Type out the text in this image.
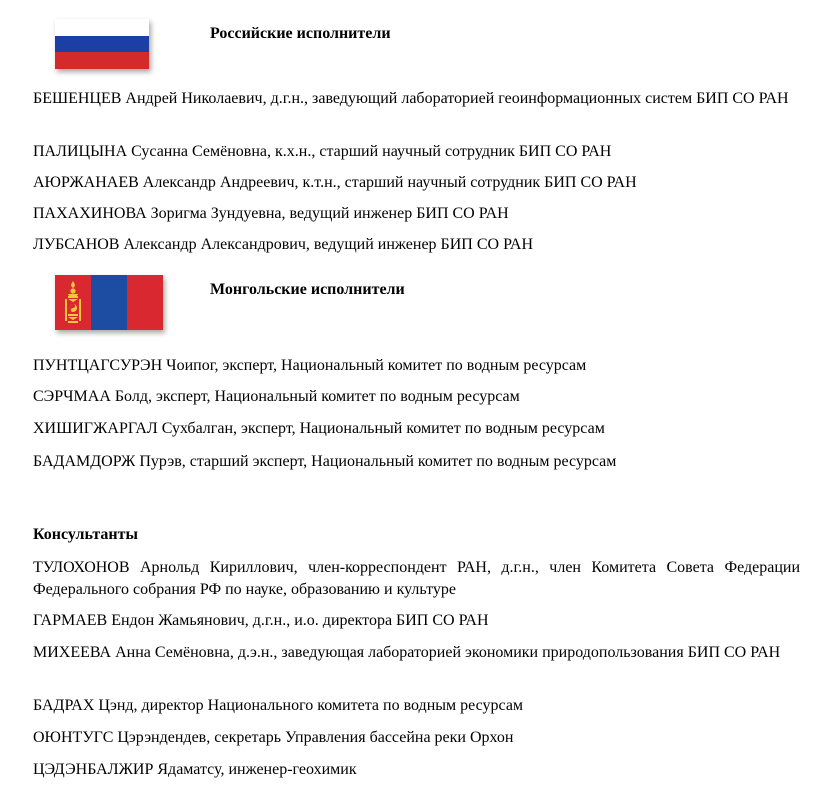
Российские исполнители

БЕШЕНЦЕВ Андрей Николаевич, д.г.н., заведующий лабораторией геоинформационных систем БИП СО РАН

ПАЛИЦЫНА Сусанна Семёновна, к.х.н., старший научный сотрудник БИП СО РАН

АЮРЖАНАЕВ Александр Андреевич, к.т.н., старший научный сотрудник БИП СО РАН

ПАХАХИНОВА Зоригма Зундуевна, ведущий инженер БИП СО РАН

ЛУБСАНОВ Александр Александрович, ведущий инженер БИП СО РАН

Монгольские исполнители

ПУНТЦАГСУРЭН Чоипог, эксперт, Национальный комитет по водным ресурсам

СЭРЧМАА Болд, эксперт, Национальный комитет по водным ресурсам

ХИШИГЖАРГАЛ Сухбалган, эксперт, Национальный комитет по водным ресурсам

БАДАМДОРЖ Пурэв, старший эксперт, Национальный комитет по водным ресурсам

Консультанты

ТУЛОХОНОВ Арнольд Кириллович, член-корреспондент РАН, д.г.н., член Комитета Совета Федерации Федерального собрания РФ по науке, образованию и культуре

ГАРМАЕВ Ендон Жамьянович, д.г.н., и.о. директора БИП СО РАН

МИХЕЕВА Анна Семёновна, д.э.н., заведующая лабораторией экономики природопользования БИП СО РАН

БАДРАХ Цэнд, директор Национального комитета по водным ресурсам

ОЮНТУГС Цэрэндендев, секретарь Управления бассейна реки Орхон

ЦЭДЭНБАЛЖИР Ядаматсу, инженер-геохимик
